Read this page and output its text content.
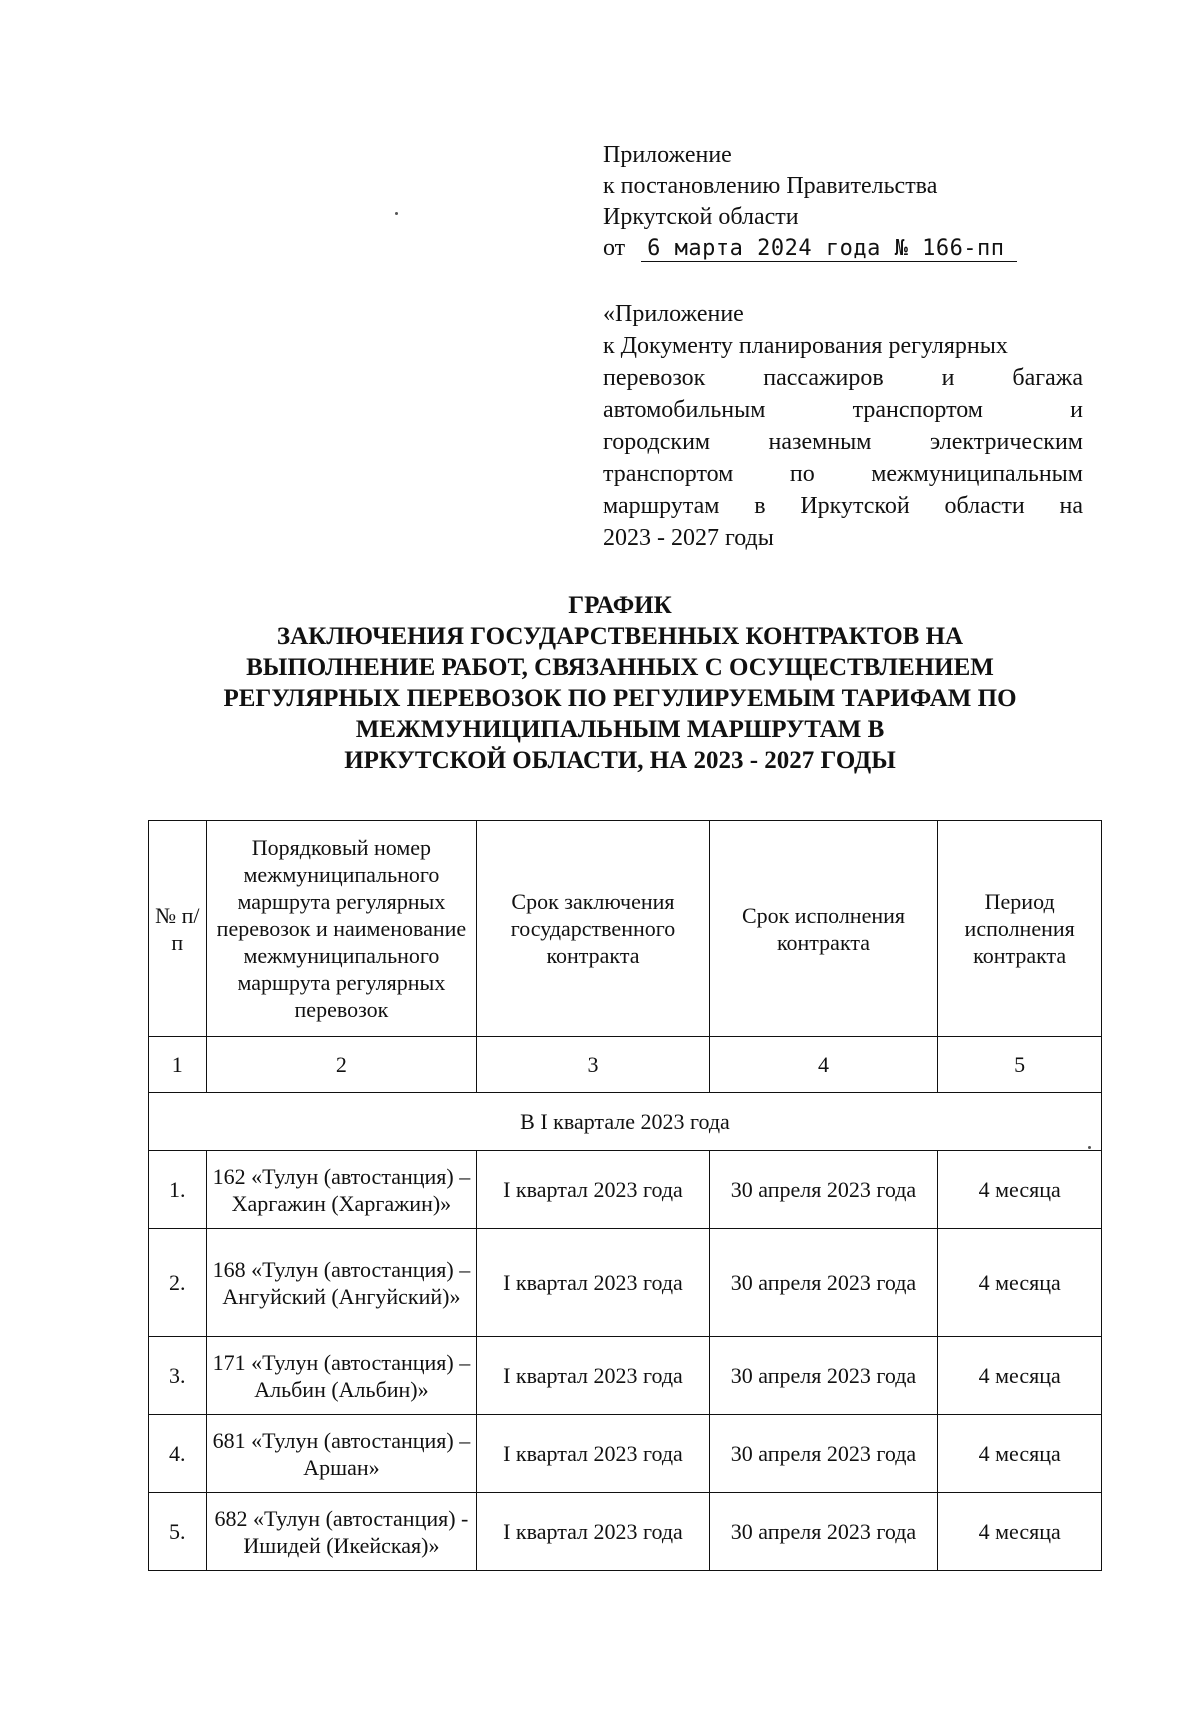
Приложение
к постановлению Правительства
Иркутской области
от 6 марта 2024 года № 166-пп
«Приложение
к Документу планирования регулярных
перевозок пассажиров и багажа
автомобильным транспортом и
городским наземным электрическим
транспортом по межмуниципальным
маршрутам в Иркутской области на
2023 - 2027 годы
ГРАФИК
ЗАКЛЮЧЕНИЯ ГОСУДАРСТВЕННЫХ КОНТРАКТОВ НА
ВЫПОЛНЕНИЕ РАБОТ, СВЯЗАННЫХ С ОСУЩЕСТВЛЕНИЕМ
РЕГУЛЯРНЫХ ПЕРЕВОЗОК ПО РЕГУЛИРУЕМЫМ ТАРИФАМ ПО
МЕЖМУНИЦИПАЛЬНЫМ МАРШРУТАМ В
ИРКУТСКОЙ ОБЛАСТИ, НА 2023 - 2027 ГОДЫ
№ п/п	Порядковый номер межмуниципального маршрута регулярных перевозок и наименование межмуниципального маршрута регулярных перевозок	Срок заключения государственного контракта	Срок исполнения контракта	Период исполнения контракта
1	2	3	4	5
В I квартале 2023 года				
1.	162 «Тулун (автостанция) – Харгажин (Харгажин)»	I квартал 2023 года	30 апреля 2023 года	4 месяца
2.	168 «Тулун (автостанция) – Ангуйский (Ангуйский)»	I квартал 2023 года	30 апреля 2023 года	4 месяца
3.	171 «Тулун (автостанция) – Альбин (Альбин)»	I квартал 2023 года	30 апреля 2023 года	4 месяца
4.	681 «Тулун (автостанция) – Аршан»	I квартал 2023 года	30 апреля 2023 года	4 месяца
5.	682 «Тулун (автостанция) - Ишидей (Икейская)»	I квартал 2023 года	30 апреля 2023 года	4 месяца
